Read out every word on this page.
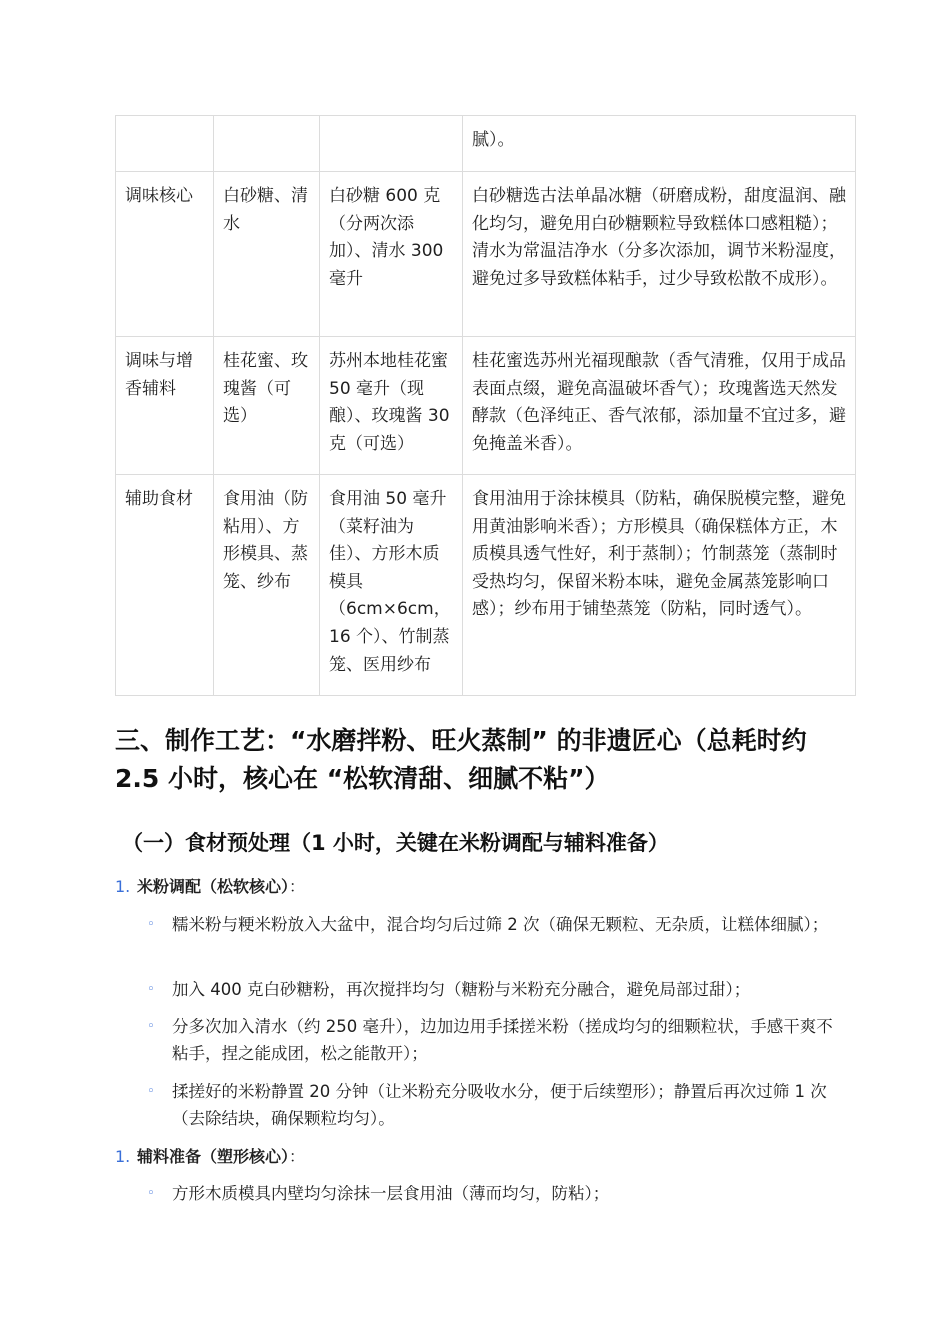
			腻）。
调味核心	白砂糖、清水	白砂糖 600 克（分两次添加）、清水 300 毫升	白砂糖选古法单晶冰糖（研磨成粉，甜度温润、融化均匀，避免用白砂糖颗粒导致糕体口感粗糙）；清水为常温洁净水（分多次添加，调节米粉湿度，避免过多导致糕体粘手，过少导致松散不成形）。
调味与增香辅料	桂花蜜、玫瑰酱（可选）	苏州本地桂花蜜 50 毫升（现酿）、玫瑰酱 30 克（可选）	桂花蜜选苏州光福现酿款（香气清雅，仅用于成品表面点缀，避免高温破坏香气）；玫瑰酱选天然发酵款（色泽纯正、香气浓郁，添加量不宜过多，避免掩盖米香）。
辅助食材	食用油（防粘用）、方形模具、蒸笼、纱布	食用油 50 毫升（菜籽油为佳）、方形木质模具（6cm×6cm，16 个）、竹制蒸笼、医用纱布	食用油用于涂抹模具（防粘，确保脱模完整，避免用黄油影响米香）；方形模具（确保糕体方正，木质模具透气性好，利于蒸制）；竹制蒸笼（蒸制时受热均匀，保留米粉本味，避免金属蒸笼影响口感）；纱布用于铺垫蒸笼（防粘，同时透气）。
三、制作工艺：“水磨拌粉、旺火蒸制” 的非遗匠心（总耗时约 2.5 小时，核心在 “松软清甜、细腻不粘”）
（一）食材预处理（1 小时，关键在米粉调配与辅料准备）
1. 米粉调配（松软核心）：
◦ 糯米粉与粳米粉放入大盆中，混合均匀后过筛 2 次（确保无颗粒、无杂质，让糕体细腻）；
◦ 加入 400 克白砂糖粉，再次搅拌均匀（糖粉与米粉充分融合，避免局部过甜）；
◦ 分多次加入清水（约 250 毫升），边加边用手揉搓米粉（搓成均匀的细颗粒状，手感干爽不粘手，捏之能成团，松之能散开）；
◦ 揉搓好的米粉静置 20 分钟（让米粉充分吸收水分，便于后续塑形）；静置后再次过筛 1 次（去除结块，确保颗粒均匀）。
1. 辅料准备（塑形核心）：
◦ 方形木质模具内壁均匀涂抹一层食用油（薄而均匀，防粘）；
